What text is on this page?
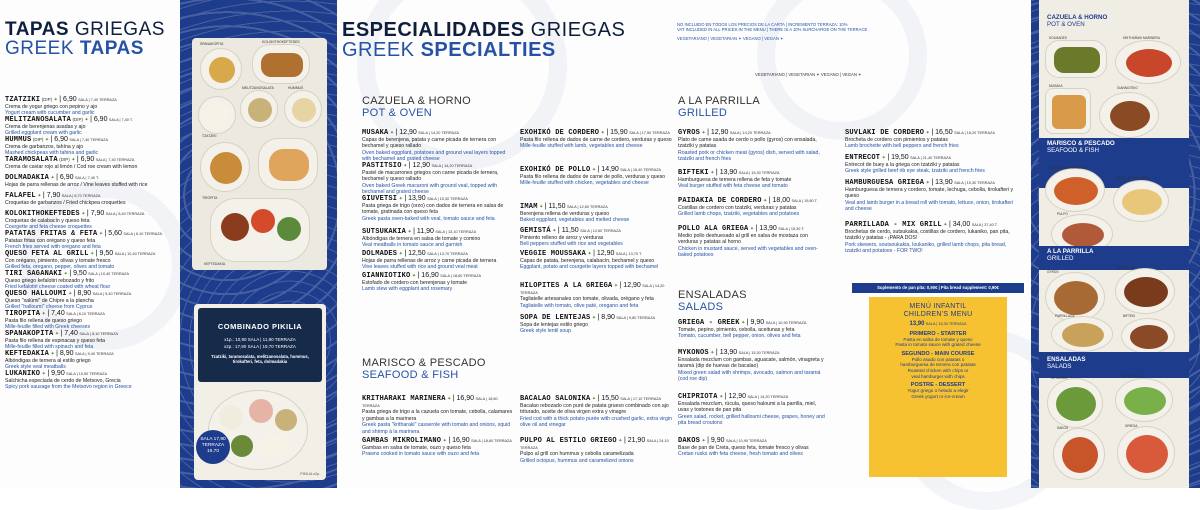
TAPAS GRIEGAS
GREEK TAPAS
TZATZIKI (DIP) ✦ | 6,90 SALA | 7,40 TERRAZA
Crema de yogur griego con pepino y ajo
Yogurt cream with cucumber and garlic
MELITZANOSALATA (DIP) ✦ | 6,90 SALA | 7,40 T.
Crema de berenjenas asadas y ajo
Grilled eggplant cream with garlic
HUMMUS (DIP) ✦ | 6,90 SALA | 7,40 TERRAZA
Crema de garbanzos, tahína y ajo
Mashed chickpeas with tahina and garlic
TARAMOSALATA (DIP) ✦ | 6,90 SALA | 7,40 TERRAZA
Crema de caviar rojo al limón / Cod roe cream with lemon
DOLMADAKIA ✦ | 6,90 SALA | 7,40 T.
Hojas de parra rellenas de arroz / Vine leaves stuffed with rice
FALAFEL ✦ | 7,90 SALA | 8,70 TERRAZA
Croquetas de garbanzos / Fried chickpea croquettes
KOLOKITHOKEFTEDES ✦ | 7,90 SALA | 8,40 TERRAZA
Croquetas de calabacín y queso feta
Courgette and feta cheese croquettes
PATATAS FRITAS & FETA ✦ | 5,60 SALA | 6,10 TERRAZA
Patatas fritas con orégano y queso feta
French fries served with oregano and feta
QUESO FETA AL GRILL ✦ | 9,50 SALA | 10,40 TERRAZA
Con orégano, pimiento, olivas y tomate fresco
Grilled feta, oregano, pepper, olives and tomato
TIRI SAGANAKI ✦ | 9,50 SALA | 10,40 TERRAZA
Queso griego kefalotiri rebozado y frito
Fried kefalotiri cheese coated with wheat flour
QUESO HALLOUMI ✦ | 8,90 SALA | 9,40 TERRAZA
Queso "xalúmi" de Chipre a la plancha
Grilled "halloumi" cheese from Cyprus
TIROPITA ✦ | 7,40 SALA | 8,10 TERRAZA
Pasta filo rellena de queso griego
Mille-feuille filled with Greek cheeses
SPANAKOPITA ✦ | 7,40 SALA | 8,10 TERRAZA
Pasta filo rellena de espinacas y queso feta
Mille-feuille filled with spinach and feta
KEFTEDAKIA ✦ | 8,90 SALA | 9,40 TERRAZA
Albóndigas de ternera al estilo griego
Greek style veal meatballs
LUKANIKO ✦ | 9,90 SALA | 10,90 TERRAZA
Salchicha especiada de cerdo de Metsovo, Grecia
Spicy pork sausage from the Metsovo region in Greece
SPANAKOPITA	KOLOKITHOKEFTEDES
TZATZIKI
MELITZANOSALATA	HUMMUS
TIROPITA
KEFTEDAKIA
COMBINADO PIKILIA
x1p.: 10,90 SALA | 11,90 TERRAZA
x2p.: 17,90 SALA | 19,70 TERRAZA
Tzatziki, taramosalata, melitzanosalata, hummus, tirokafteri, feta, dolmadakia
SALA 17,90
TERRAZA 19,70
PIKILIA x2p.
ESPECIALIDADES GRIEGAS
GREEK SPECIALTIES
NO INCLUIDO EN TODOS LOS PRECIOS DE LA CARTA | INCREMENTO TERRAZA: 10%
VAT INCLUDED IN ALL PRICES IN THE MENU | THERE IS A 10% SURCHARGE ON THE TERRACE
VEGETARIANO | VEGETARIAN ✶ VEGANO | VEGAN ✶
VEGETARIANO | VEGETARIAN ✶ VEGANO | VEGAN ✶
CAZUELA & HORNO
POT & OVEN
MUSAKA ✦ | 12,90 SALA | 14,20 TERRAZA
Capas de berenjena, patata y carne picada de ternera con bechamel y queso rallado
Oven baked eggplant, potatoes and ground veal layers topped with bechamel and grated cheese
PASTITSIO ✦ | 12,90 SALA | 14,20 TERRAZA
Pastel de macarrones griegos con carne picada de ternera, bechamel y queso rallado
Oven baked Greek macaroni with ground veal, topped with bechamel and grated cheese
GIUVETSI ✦ | 13,90 SALA | 15,30 TERRAZA
Pasta griega de trigo (orzo) con dados de ternera en salsa de tomate, gratinada con queso feta
Greek pasta oven-baked with veal, tomato sauce and feta
SUTSUKAKIA ✦ | 11,90 SALA | 13,10 TERRAZA
Albóndigas de ternera en salsa de tomate y comino
Veal meatballs in tomato sauce and garnish
DOLMADES ✦ | 12,50 SALA | 13,70 TERRAZA
Hojas de parra rellenas de arroz y carne picada de ternera
Vine leaves stuffed with rice and ground veal meat
GIANNIOTIKO ✦ | 16,90 SALA | 18,60 TERRAZA
Estofado de cordero con berenjenas y tomate
Lamb stew with eggplant and rosemary
MARISCO & PESCADO
SEAFOOD & FISH
KRITHARAKI MARINERA ✦ | 16,90 SALA | 18,60 TERRAZA
Pasta griega de trigo a la cazuela con tomate, cebolla, calamares y gambas a la marinera
Greek pasta "kritharaki" casserole with tomato and onions, squid and shrimp à la marinera
GAMBAS MIKROLIMANO ✦ | 16,90 SALA | 18,60 TERRAZA
Gambas en salsa de tomate, ouzo y queso feta
Prawns cooked in tomato sauce with ouzo and feta
BACALAO SALONIKA ✦ | 15,50 SALA | 17,10 TERRAZA
Bacalao rebozado con puré de patata grueso combinado con ajo triturado, aceite de oliva virgen extra y vinagre
Fried cod with a thick potato purée with crushed garlic, extra virgin olive oil and vinegar
PULPO AL ESTILO GRIEGO ✦ | 21,90 SALA | 24,10 TERRAZA
Pulpo al grill con hummus y cebolla caramelizada
Grilled octopus, hummus and caramelized onions
EXOHIKÓ DE CORDERO ✦ | 15,90 SALA | 17,50 TERRAZA
Pasta filo rellena de dados de carne de cordero, verduras y queso
Mille-feuille stuffed with lamb, vegetables and cheese
EXOHIKÓ DE POLLO ✦ | 14,90 SALA | 16,40 TERRAZA
Pasta filo rellena de dados de carne de pollo, verduras y queso
Mille-feuille stuffed with chicken, vegetables and cheese
IMAM ✦ | 11,50 SALA | 12,60 TERRAZA
Berenjena rellena de verduras y queso
Baked eggplant, vegetables and melted cheese
GEMISTÁ ✦ | 11,50 SALA | 12,60 TERRAZA
Pimiento relleno de arroz y verduras
Bell peppers stuffed with rice and vegetables
VEGGIE MOUSSAKA ✦ | 12,90 SALA | 13,70 T.
Capas de patata, berenjena, calabacín, bechamel y queso
Eggplant, potato and courgette layers topped with bechamel
HILOPITES A LA GRIEGA ✦ | 12,90 SALA | 14,20 TERRAZA
Tagliatelle artesanales con tomate, olivada, orégano y feta
Tagliatelle with tomato, olive paté, oregano and feta
SOPA DE LENTEJAS ✦ | 8,90 SALA | 9,80 TERRAZA
Sopa de lentejas estilo griego
Greek style lentil soup
A LA PARRILLA
GRILLED
GYROS ✦ | 12,90 SALA | 14,20 TERRAZA
Plato de carne asada de cerdo o pollo (gyros) con ensalada, tzatziki y patatas
Roasted pork or chicken meat (gyros) dish, served with salad, tzatziki and french fries
BIFTEKI ✦ | 13,90 SALA | 15,30 TERRAZA
Hamburguesa de ternera rellena de feta y tomate
Veal burger stuffed with feta cheese and tomato
PAIDAKIA DE CORDERO ✦ | 18,00 SALA | 19,80 T.
Costillas de cordero con tzatziki, verduras y patatas
Grilled lamb chops, tzatziki, vegetables and potatoes
POLLO ALA GRIEGA ✦ | 13,90 SALA | 15,30 T.
Medio pollo deshuesado al grill en salsa de mostaza con verduras y patatas al horno
Chicken in mustard sauce, served with vegetables and oven-baked potatoes
ENSALADAS
SALADS
GRIEGA - GREEK ✦ | 9,90 SALA | 10,90 TERRAZA
Tomate, pepino, pimiento, cebolla, aceitunas y feta
Tomato, cucumber, bell pepper, onion, olives and feta
MYKONOS ✦ | 13,90 SALA | 15,30 TERRAZA
Ensalada mezclum con gambas, aguacate, salmón, vinagreta y taramá (dip de huevas de bacalao)
Mixed green salad with shrimps, avocado, salmon and taramá (cod roe dip)
CHIPRIOTA ✦ | 12,90 SALA | 14,20 TERRAZA
Ensalada mezclum, rúcula, queso haloumi a la parrilla, miel, uvas y tostones de pan pita
Green salad, rocket, grilled halloumi cheese, grapes, honey and pita bread croutons
DAKOS ✦ | 9,90 SALA | 10,90 TERRAZA
Base de pan de Creta, queso feta, tomate fresco y olivas
Cretan rusks with feta cheese, fresh tomato and olives
SUVLAKI DE CORDERO ✦ | 16,50 SALA | 18,20 TERRAZA
Brocheta de cordero con pimientos y patatas
Lamb brochette with bell peppers and french fries
ENTRECOT ✦ | 19,50 SALA | 21,40 TERRAZA
Entrecot de buey a la griega con tzatziki y patatas
Greek style grilled beef rib eye steak, tzatziki and french fries
HAMBURGUESA GRIEGA ✦ | 13,90 SALA | 15,30 TERRAZA
Hamburguesa de ternera y cordero, tomate, lechuga, cebolla, tirokafteri y queso
Veal and lamb burger in a bread roll with tomato, lettuce, onion, tirokafteri and cheese
PARRILLADA - MIX GRILL ✦ | 34,00 SALA | 37,40 T.
Brochetas de cerdo, sutsukakia, costillas de cordero, lukaniko, pan pita, tzatziki y patatas - ¡PARA DOS!
Pork skewers, soutsoukakia, loukaniko, grilled lamb chops, pita bread, tzatziki and potatoes - FOR TWO!
Suplemento de pan pita: 0,90€ | Pita bread supplement: 0,90€
MENÚ INFANTIL
CHILDREN'S MENU
13,90 SALA | 15,30 TERRAZA
PRIMERO - STARTER
Pasta en salsa de tomate y queso
Pasta in tomato sauce with grated cheese
SEGUNDO - MAIN COURSE
Pollo asado con patatas o
hamburguesa de ternera con patatas
Roasted chicken with chips or
veal hamburger with chips
POSTRE - DESSERT
Yogur griego o helado a elegir
Greek yogurt or ice-cream
CAZUELA & HORNO
POT & OVEN
MARISCO & PESCADO
SEAFOOD & FISH
A LA PARRILLA
GRILLED
ENSALADAS
SALADS
DOLMADES	KRITHARAKI MARINERA
MUSAKA	GIANNIOTIKO
GAMBAS MIKROLIMANO
BACALAO SALONIKA
PULPO
GYROS
ENTRECOT
BIFTEKI
PARRILLADA
CHIPRIOTA
MYKONOS
DAKOS	GRIEGA
